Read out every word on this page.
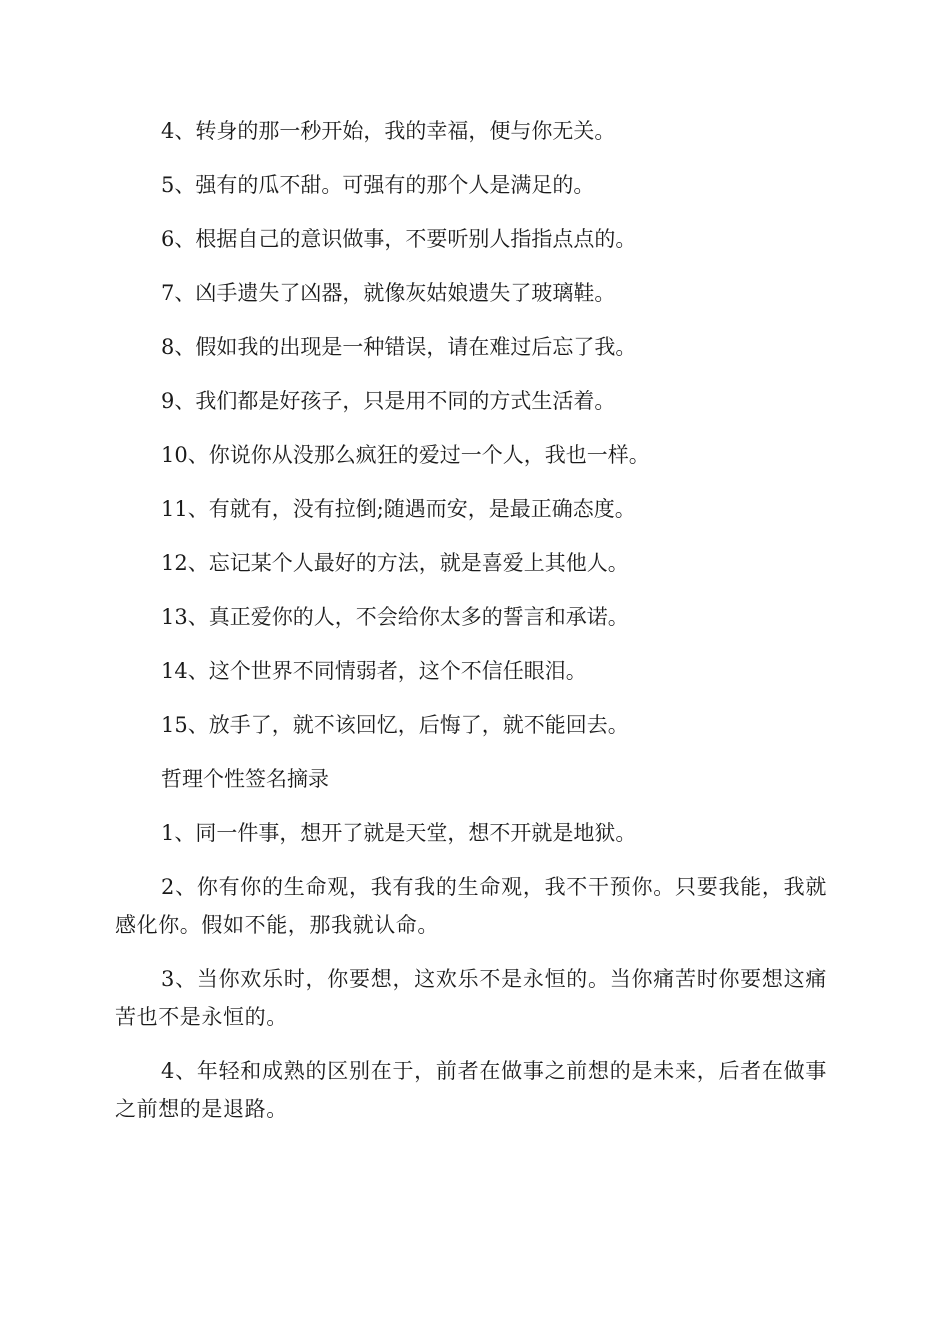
4、转身的那一秒开始，我的幸福，便与你无关。

5、强有的瓜不甜。可强有的那个人是满足的。

6、根据自己的意识做事，不要听别人指指点点的。

7、凶手遗失了凶器，就像灰姑娘遗失了玻璃鞋。

8、假如我的出现是一种错误，请在难过后忘了我。

9、我们都是好孩子，只是用不同的方式生活着。

10、你说你从没那么疯狂的爱过一个人，我也一样。

11、有就有，没有拉倒;随遇而安，是最正确态度。

12、忘记某个人最好的方法，就是喜爱上其他人。

13、真正爱你的人，不会给你太多的誓言和承诺。

14、这个世界不同情弱者，这个不信任眼泪。

15、放手了，就不该回忆，后悔了，就不能回去。

哲理个性签名摘录

1、同一件事，想开了就是天堂，想不开就是地狱。

2、你有你的生命观，我有我的生命观，我不干预你。只要我能，我就感化你。假如不能，那我就认命。

3、当你欢乐时，你要想，这欢乐不是永恒的。当你痛苦时你要想这痛苦也不是永恒的。

4、年轻和成熟的区别在于，前者在做事之前想的是未来，后者在做事之前想的是退路。
